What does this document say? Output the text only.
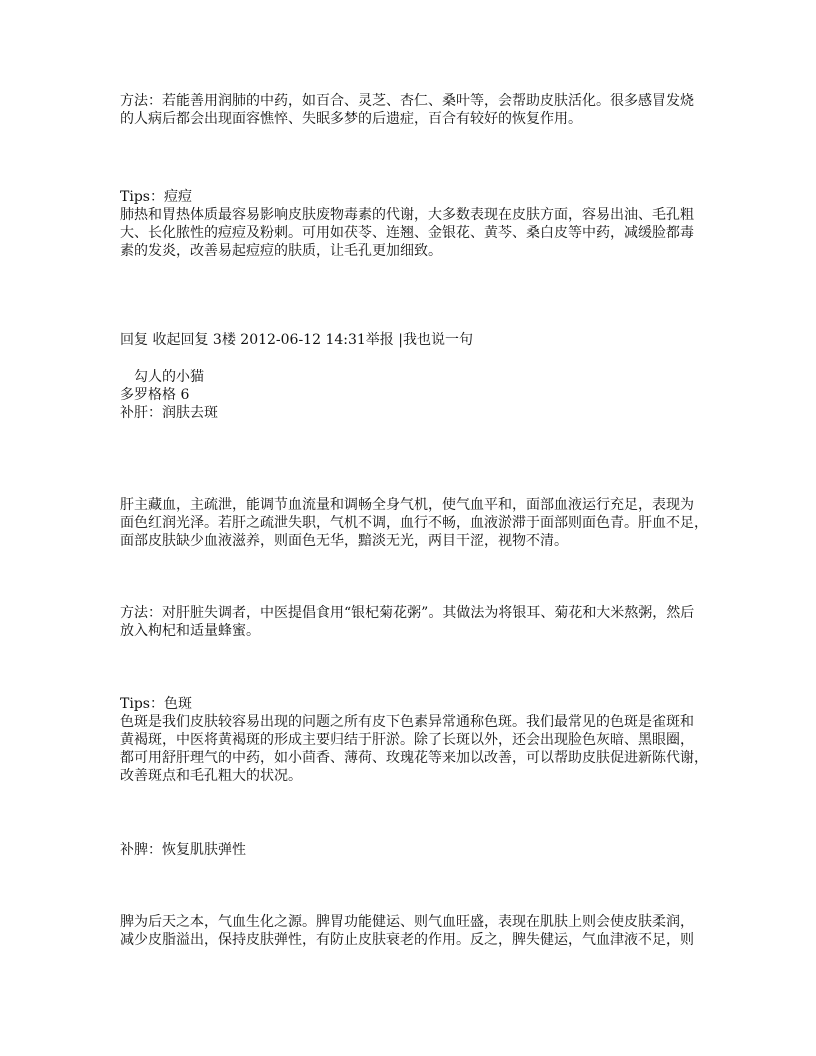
方法：若能善用润肺的中药，如百合、灵芝、杏仁、桑叶等，会帮助皮肤活化。很多感冒发烧
的人病后都会出现面容憔悴、失眠多梦的后遗症，百合有较好的恢复作用。
Tips：痘痘
肺热和胃热体质最容易影响皮肤废物毒素的代谢，大多数表现在皮肤方面，容易出油、毛孔粗
大、长化脓性的痘痘及粉刺。可用如茯苓、连翘、金银花、黄芩、桑白皮等中药，减缓脸都毒
素的发炎，改善易起痘痘的肤质，让毛孔更加细致。
回复 收起回复 3楼 2012-06-12 14:31举报 |我也说一句
勾人的小猫
多罗格格 6
补肝：润肤去斑
肝主藏血，主疏泄，能调节血流量和调畅全身气机，使气血平和，面部血液运行充足，表现为
面色红润光泽。若肝之疏泄失职，气机不调，血行不畅，血液淤滞于面部则面色青。肝血不足，
面部皮肤缺少血液滋养，则面色无华，黯淡无光，两目干涩，视物不清。
方法：对肝脏失调者，中医提倡食用“银杞菊花粥”。其做法为将银耳、菊花和大米熬粥，然后
放入枸杞和适量蜂蜜。
Tips：色斑
色斑是我们皮肤较容易出现的问题之所有皮下色素异常通称色斑。我们最常见的色斑是雀斑和
黄褐斑，中医将黄褐斑的形成主要归结于肝淤。除了长斑以外，还会出现脸色灰暗、黑眼圈，
都可用舒肝理气的中药，如小茴香、薄荷、玫瑰花等来加以改善，可以帮助皮肤促进新陈代谢，
改善斑点和毛孔粗大的状况。
补脾：恢复肌肤弹性
脾为后天之本，气血生化之源。脾胃功能健运、则气血旺盛，表现在肌肤上则会使皮肤柔润，
减少皮脂溢出，保持皮肤弹性，有防止皮肤衰老的作用。反之，脾失健运，气血津液不足，则
